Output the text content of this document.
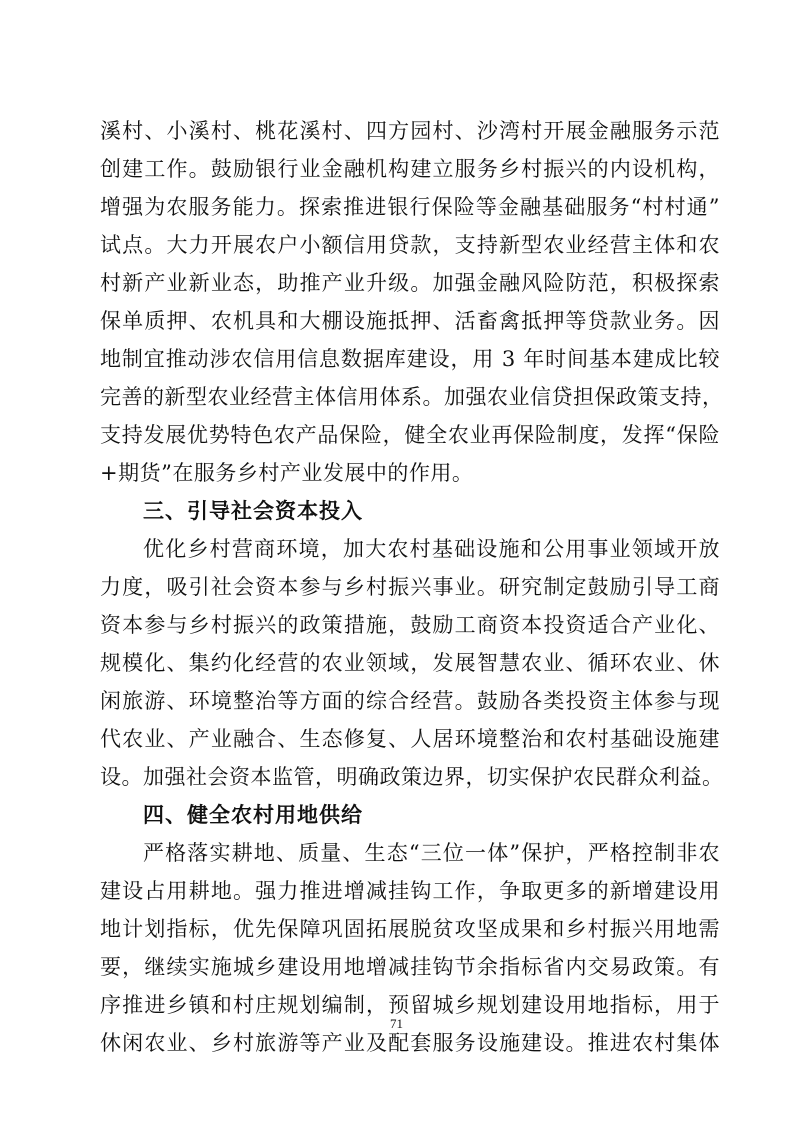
溪村、小溪村、桃花溪村、四方园村、沙湾村开展金融服务示范
创建工作。鼓励银行业金融机构建立服务乡村振兴的内设机构，
增强为农服务能力。探索推进银行保险等金融基础服务“村村通”
试点。大力开展农户小额信用贷款，支持新型农业经营主体和农
村新产业新业态，助推产业升级。加强金融风险防范，积极探索
保单质押、农机具和大棚设施抵押、活畜禽抵押等贷款业务。因
地制宜推动涉农信用信息数据库建设，用 3 年时间基本建成比较
完善的新型农业经营主体信用体系。加强农业信贷担保政策支持，
支持发展优势特色农产品保险，健全农业再保险制度，发挥“保险
+期货”在服务乡村产业发展中的作用。
三、引导社会资本投入
优化乡村营商环境，加大农村基础设施和公用事业领域开放
力度，吸引社会资本参与乡村振兴事业。研究制定鼓励引导工商
资本参与乡村振兴的政策措施，鼓励工商资本投资适合产业化、
规模化、集约化经营的农业领域，发展智慧农业、循环农业、休
闲旅游、环境整治等方面的综合经营。鼓励各类投资主体参与现
代农业、产业融合、生态修复、人居环境整治和农村基础设施建
设。加强社会资本监管，明确政策边界，切实保护农民群众利益。
四、健全农村用地供给
严格落实耕地、质量、生态“三位一体”保护，严格控制非农
建设占用耕地。强力推进增减挂钩工作，争取更多的新增建设用
地计划指标，优先保障巩固拓展脱贫攻坚成果和乡村振兴用地需
要，继续实施城乡建设用地增减挂钩节余指标省内交易政策。有
序推进乡镇和村庄规划编制，预留城乡规划建设用地指标，用于
休闲农业、乡村旅游等产业及配套服务设施建设。推进农村集体
71
